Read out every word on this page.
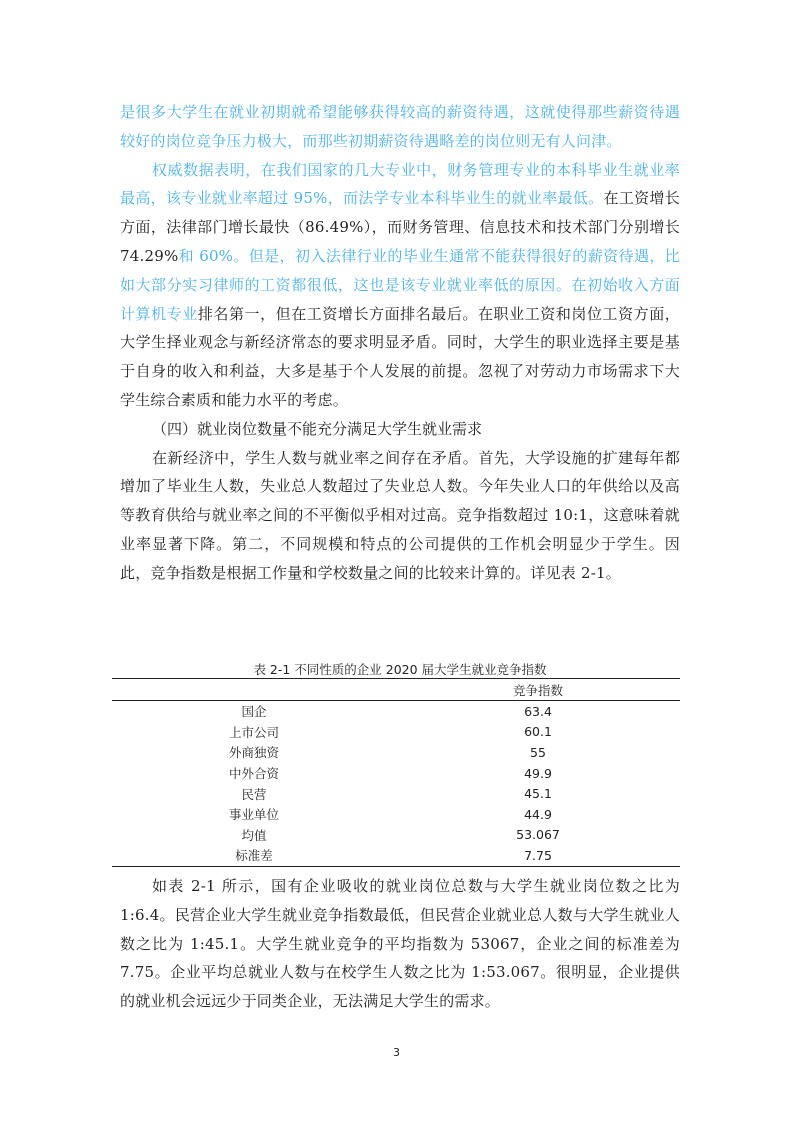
是很多大学生在就业初期就希望能够获得较高的薪资待遇，这就使得那些薪资待遇较好的岗位竞争压力极大，而那些初期薪资待遇略差的岗位则无有人问津。

权威数据表明，在我们国家的几大专业中，财务管理专业的本科毕业生就业率最高，该专业就业率超过 95%，而法学专业本科毕业生的就业率最低。在工资增长方面，法律部门增长最快（86.49%），而财务管理、信息技术和技术部门分别增长 74.29%和 60%。但是，初入法律行业的毕业生通常不能获得很好的薪资待遇，比如大部分实习律师的工资都很低，这也是该专业就业率低的原因。在初始收入方面计算机专业排名第一，但在工资增长方面排名最后。在职业工资和岗位工资方面，大学生择业观念与新经济常态的要求明显矛盾。同时，大学生的职业选择主要是基于自身的收入和利益，大多是基于个人发展的前提。忽视了对劳动力市场需求下大学生综合素质和能力水平的考虑。

（四）就业岗位数量不能充分满足大学生就业需求

在新经济中，学生人数与就业率之间存在矛盾。首先，大学设施的扩建每年都增加了毕业生人数，失业总人数超过了失业总人数。今年失业人口的年供给以及高等教育供给与就业率之间的不平衡似乎相对过高。竞争指数超过 10:1，这意味着就业率显著下降。第二，不同规模和特点的公司提供的工作机会明显少于学生。因此，竞争指数是根据工作量和学校数量之间的比较来计算的。详见表 2-1。

表 2-1 不同性质的企业 2020 届大学生就业竞争指数
	竞争指数
国企	63.4
上市公司	60.1
外商独资	55
中外合资	49.9
民营	45.1
事业单位	44.9
均值	53.067
标准差	7.75

如表 2-1 所示，国有企业吸收的就业岗位总数与大学生就业岗位数之比为 1:6.4。民营企业大学生就业竞争指数最低，但民营企业就业总人数与大学生就业人数之比为 1:45.1。大学生就业竞争的平均指数为 53067，企业之间的标准差为 7.75。企业平均总就业人数与在校学生人数之比为 1:53.067。很明显，企业提供的就业机会远远少于同类企业，无法满足大学生的需求。

3
